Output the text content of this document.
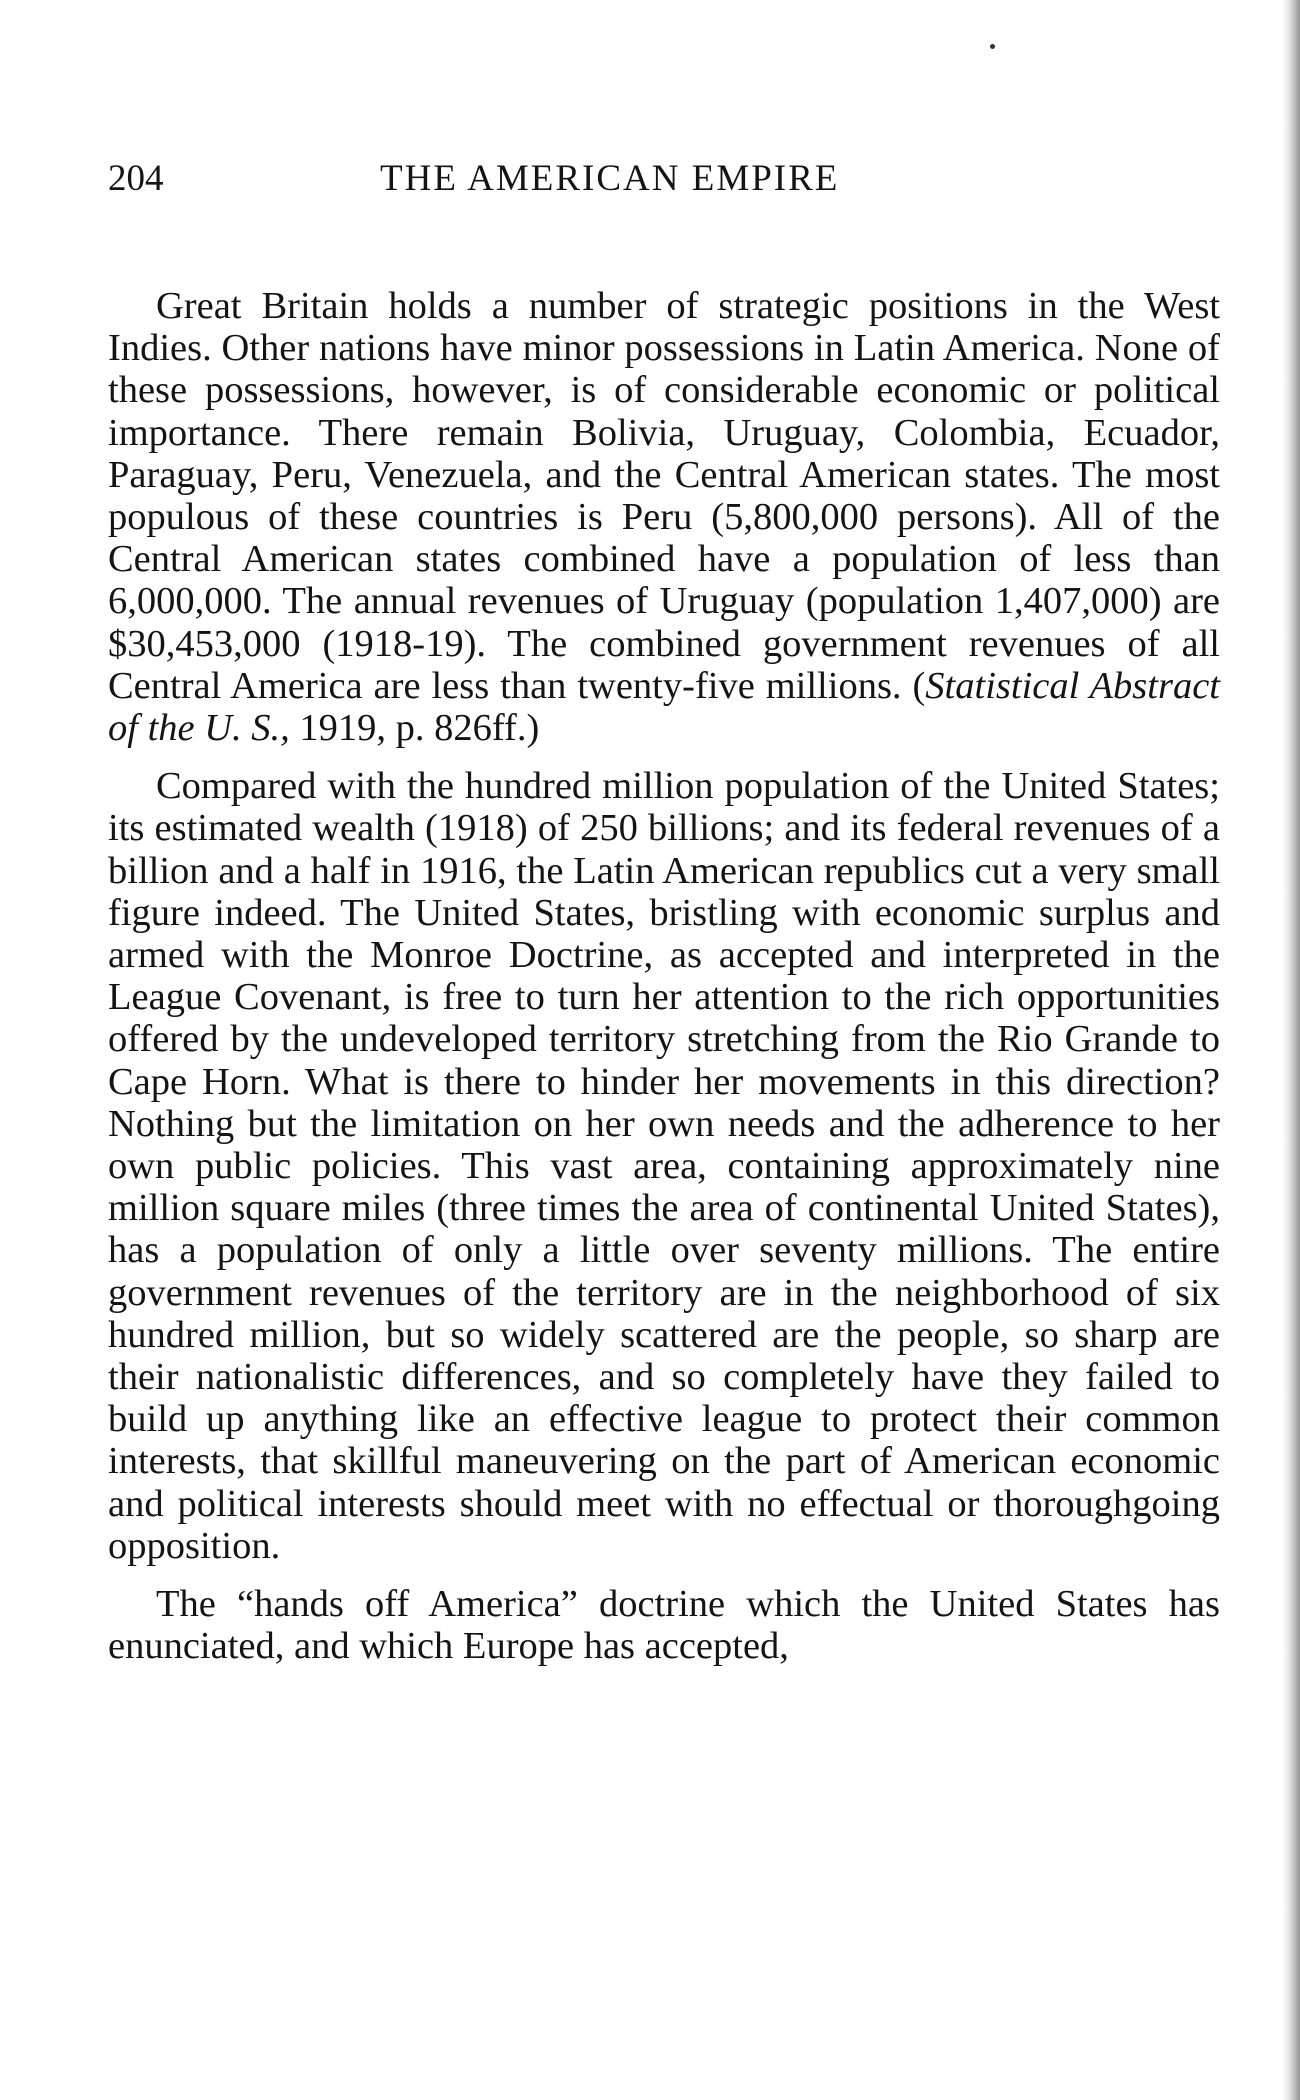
204	THE AMERICAN EMPIRE

Great Britain holds a number of strategic positions in the West Indies. Other nations have minor possessions in Latin America. None of these possessions, however, is of considerable economic or political importance. There remain Bolivia, Uruguay, Colombia, Ecuador, Paraguay, Peru, Venezuela, and the Central American states. The most populous of these countries is Peru (5,800,000 persons). All of the Central American states combined have a population of less than 6,000,000. The annual revenues of Uruguay (population 1,407,000) are $30,453,000 (1918-19). The combined government revenues of all Central America are less than twenty-five millions. (Statistical Abstract of the U. S., 1919, p. 826ff.)

Compared with the hundred million population of the United States; its estimated wealth (1918) of 250 billions; and its federal revenues of a billion and a half in 1916, the Latin American republics cut a very small figure indeed. The United States, bristling with economic surplus and armed with the Monroe Doctrine, as accepted and interpreted in the League Covenant, is free to turn her attention to the rich opportunities offered by the undeveloped territory stretching from the Rio Grande to Cape Horn. What is there to hinder her movements in this direction? Nothing but the limitation on her own needs and the adherence to her own public policies. This vast area, containing approximately nine million square miles (three times the area of continental United States), has a population of only a little over seventy millions. The entire government revenues of the territory are in the neighborhood of six hundred million, but so widely scattered are the people, so sharp are their nationalistic differences, and so completely have they failed to build up anything like an effective league to protect their common interests, that skillful maneuvering on the part of American economic and political interests should meet with no effectual or thoroughgoing opposition.

The “hands off America” doctrine which the United States has enunciated, and which Europe has accepted,
